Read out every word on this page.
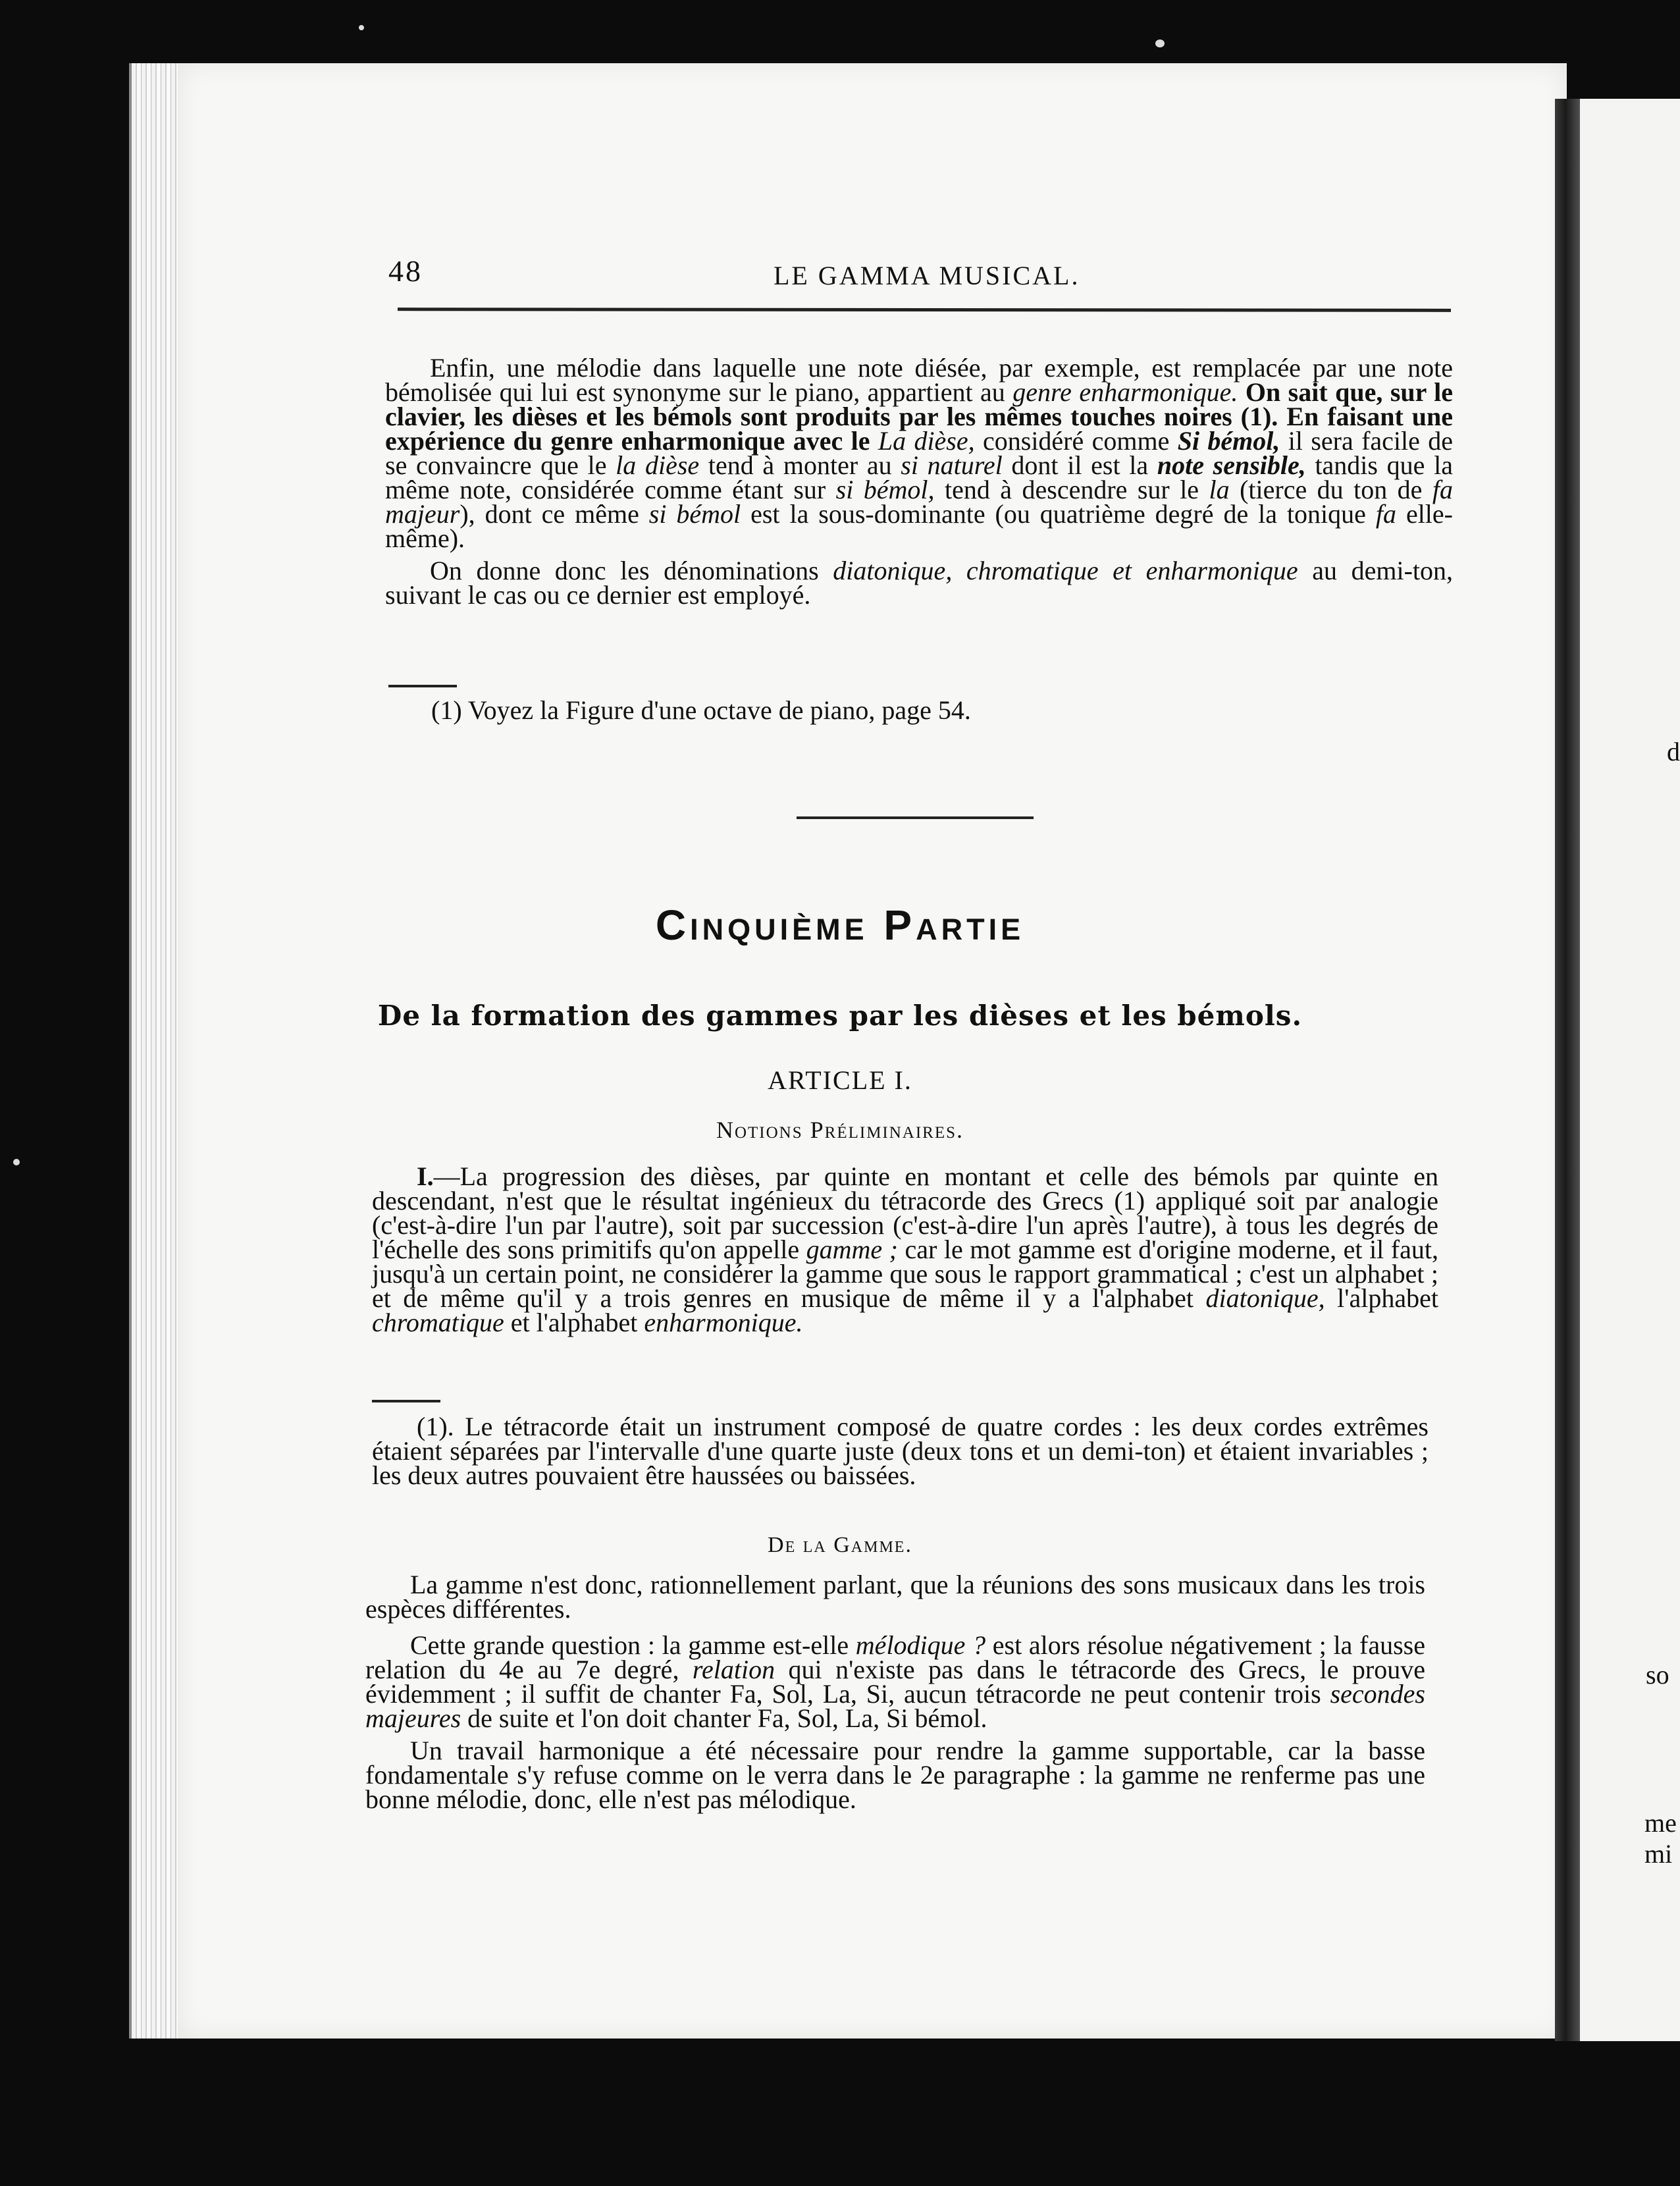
d
so
me
mi
48	LE GAMMA MUSICAL.

Enfin, une mélodie dans laquelle une note diésée, par exemple, est remplacée par une note bémolisée qui lui est synonyme sur le piano, appartient au genre enharmonique. On sait que, sur le clavier, les dièses et les bémols sont produits par les mêmes touches noires (1). En faisant une expérience du genre enharmonique avec le La dièse, considéré comme Si bémol, il sera facile de se convaincre que le la dièse tend à monter au si naturel dont il est la note sensible, tandis que la même note, considérée comme étant sur si bémol, tend à descendre sur le la (tierce du ton de fa majeur), dont ce même si bémol est la sous-dominante (ou quatrième degré de la tonique fa elle-même).

On donne donc les dénominations diatonique, chromatique et enharmonique au demi-ton, suivant le cas ou ce dernier est employé.

(1) Voyez la Figure d'une octave de piano, page 54.
Cinquième Partie
De la formation des gammes par les dièses et les bémols.
ARTICLE I.
Notions Préliminaires.

I.—La progression des dièses, par quinte en montant et celle des bémols par quinte en descendant, n'est que le résultat ingénieux du tétracorde des Grecs (1) appliqué soit par analogie (c'est-à-dire l'un par l'autre), soit par succession (c'est-à-dire l'un après l'autre), à tous les degrés de l'échelle des sons primitifs qu'on appelle gamme ; car le mot gamme est d'origine moderne, et il faut, jusqu'à un certain point, ne considérer la gamme que sous le rapport grammatical ; c'est un alphabet ; et de même qu'il y a trois genres en musique de même il y a l'alphabet diatonique, l'alphabet chromatique et l'alphabet enharmonique.

(1). Le tétracorde était un instrument composé de quatre cordes : les deux cordes extrêmes étaient séparées par l'intervalle d'une quarte juste (deux tons et un demi-ton) et étaient invariables ; les deux autres pouvaient être haussées ou baissées.

De la Gamme.

La gamme n'est donc, rationnellement parlant, que la réunions des sons musicaux dans les trois espèces différentes.

Cette grande question : la gamme est-elle mélodique ? est alors résolue négativement ; la fausse relation du 4e au 7e degré, relation qui n'existe pas dans le tétracorde des Grecs, le prouve évidemment ; il suffit de chanter Fa, Sol, La, Si, aucun tétracorde ne peut contenir trois secondes majeures de suite et l'on doit chanter Fa, Sol, La, Si bémol.

Un travail harmonique a été nécessaire pour rendre la gamme supportable, car la basse fondamentale s'y refuse comme on le verra dans le 2e paragraphe : la gamme ne renferme pas une bonne mélodie, donc, elle n'est pas mélodique.
